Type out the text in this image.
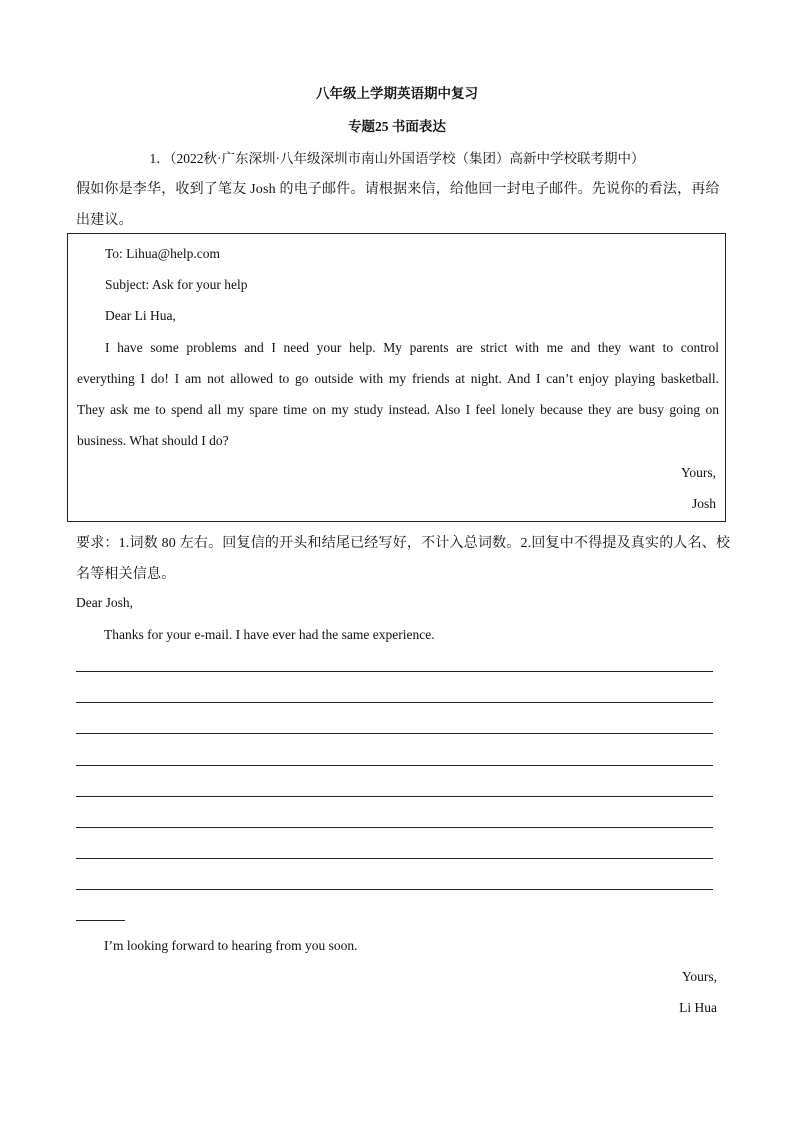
八年级上学期英语期中复习
专题25 书面表达
1．（2022秋·广东深圳·八年级深圳市南山外国语学校（集团）高新中学校联考期中）
假如你是李华，收到了笔友 Josh 的电子邮件。请根据来信，给他回一封电子邮件。先说你的看法，再给
出建议。
To: Lihua@help.com
Subject: Ask for your help
Dear Li Hua,
I have some problems and I need your help. My parents are strict with me and they want to control
everything I do! I am not allowed to go outside with my friends at night. And I can’t enjoy playing basketball.
They ask me to spend all my spare time on my study instead. Also I feel lonely because they are busy going on
business. What should I do?
Yours,
Josh
要求：1.词数 80 左右。回复信的开头和结尾已经写好，不计入总词数。2.回复中不得提及真实的人名、校
名等相关信息。
Dear Josh,
Thanks for your e-mail. I have ever had the same experience.
I’m looking forward to hearing from you soon.
Yours,
Li Hua
